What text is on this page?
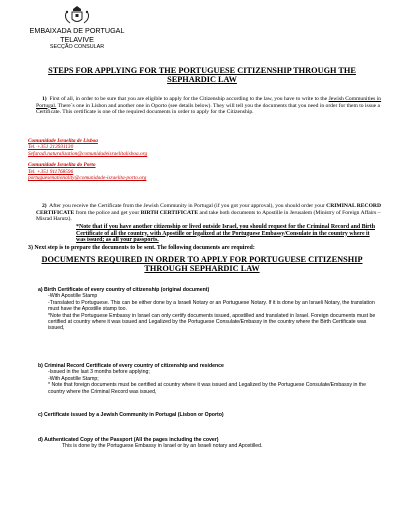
EMBAIXADA DE PORTUGAL
TELAVIVE
SECÇÃO CONSULAR
STEPS FOR APPLYING FOR THE PORTUGUESE CITIZENSHIP THROUGH THE SEPHARDIC LAW
1) First of all, in order to be sure that you are eligible to apply for the Citizenship according to the law, you have to write to the Jewish Communities in Portugal. There`s one in Lisbon and another one in Oporto (see details below). They will tell you the documents that you need in order for them to issue a Certificate. This certificate is one of the required documents in order to apply for the Citizenship.
Comunidade Israelita de Lisboa
Tel. +351 213931130
Sefaradi.naturalization@comunidadeisraelitalisboa.org
Comunidade Israelita do Porto
Tel. +351 911768596
portuguesenationality@comunidade-israelita-porto.org
2) After you receive the Certificate from the Jewish Community in Portugal (if you got your approval), you should order your CRIMINAL RECORD CERTIFICATE from the police and get your BIRTH CERTIFICATE and take both documents to Apostille in Jerusalem (Ministry of Foreign Affairs – Misrad Harutz).
*Note that if you have another citizenship or lived outside Israel, you should request for the Criminal Record and Birth Certificate of all the country, with Apostille or legalized at the Portuguese Embassy/Consulate in the country where it was issued; as all your passports.
3) Next step is to prepare the documents to be sent. The following documents are required:
DOCUMENTS REQUIRED IN ORDER TO APPLY FOR PORTUGUESE CITIZENSHIP THROUGH SEPHARDIC LAW
a) Birth Certificate of every country of citizenship (original document)
-With Apostille Stamp
-Translated to Portuguese. This can be either done by a Israeli Notary or an Portuguese Notary. If it is done by an Israeli Notary, the translation must have the Apostille stamp too.
*Note that the Portuguese Embassy in Israel can only certify documents issued, apostilled and translated in Israel. Foreign documents must be certified at country where it was issued and Legalized by the Portuguese Consulate/Embassy in the country where the Birth Certificate was issued,
b) Criminal Record Certificate of every country of citizenship and residence
-Issued in the last 3 months before applying;
-With Apostille Stamp;
* Note that foreign documents must be certified at country where it was issued and Legalized by the Portuguese Consulate/Embassy in the country where the Criminal Record was issued,
c) Certificate issued by a Jewish Community in Portugal (Lisbon or Oporto)
d) Authenticated Copy of the Passport (All the pages including the cover)
This is done by the Portuguese Embassy in Israel or by an Israeli notary and Apostilled.
